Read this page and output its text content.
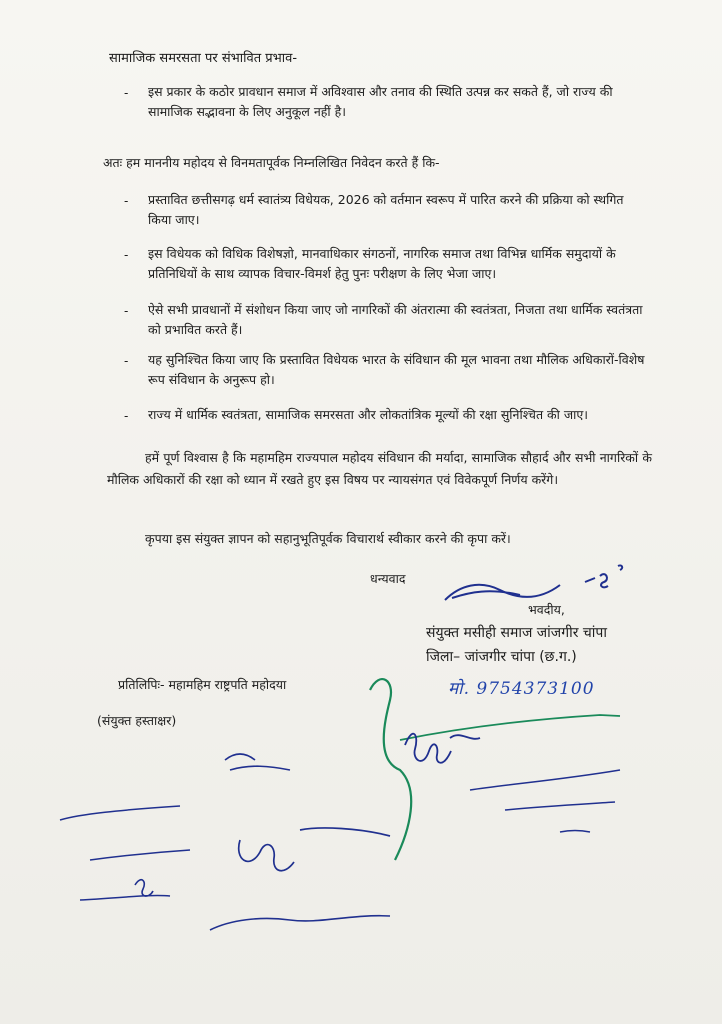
सामाजिक समरसता पर संभावित प्रभाव-
- इस प्रकार के कठोर प्रावधान समाज में अविश्वास और तनाव की स्थिति उत्पन्न कर सकते हैं, जो राज्य की सामाजिक सद्भावना के लिए अनुकूल नहीं है।
अतः हम माननीय महोदय से विनमतापूर्वक निम्नलिखित निवेदन करते हैं कि-
- प्रस्तावित छत्तीसगढ़ धर्म स्वातंत्र्य विधेयक, 2026 को वर्तमान स्वरूप में पारित करने की प्रक्रिया को स्थगित किया जाए।
- इस विधेयक को विधिक विशेषज्ञो, मानवाधिकार संगठनों, नागरिक समाज तथा विभिन्न धार्मिक समुदायों के प्रतिनिधियों के साथ व्यापक विचार-विमर्श हेतु पुनः परीक्षण के लिए भेजा जाए।
- ऐसे सभी प्रावधानों में संशोधन किया जाए जो नागरिकों की अंतरात्मा की स्वतंत्रता, निजता तथा धार्मिक स्वतंत्रता को प्रभावित करते हैं।
- यह सुनिश्चित किया जाए कि प्रस्तावित विधेयक भारत के संविधान की मूल भावना तथा मौलिक अधिकारों-विशेष रूप संविधान के अनुरूप हो।
- राज्य में धार्मिक स्वतंत्रता, सामाजिक समरसता और लोकतांत्रिक मूल्यों की रक्षा सुनिश्चित की जाए।
हमें पूर्ण विश्वास है कि महामहिम राज्यपाल महोदय संविधान की मर्यादा, सामाजिक सौहार्द और सभी नागरिकों के मौलिक अधिकारों की रक्षा को ध्यान में रखते हुए इस विषय पर न्यायसंगत एवं विवेकपूर्ण निर्णय करेंगे।
कृपया इस संयुक्त ज्ञापन को सहानुभूतिपूर्वक विचारार्थ स्वीकार करने की कृपा करें।
धन्यवाद
भवदीय,
संयुक्त मसीही समाज जांजगीर चांपा
जिला– जांजगीर चांपा (छ.ग.)
मो. 9754373100
प्रतिलिपिः- महामहिम राष्ट्रपति महोदया
(संयुक्त हस्ताक्षर)
